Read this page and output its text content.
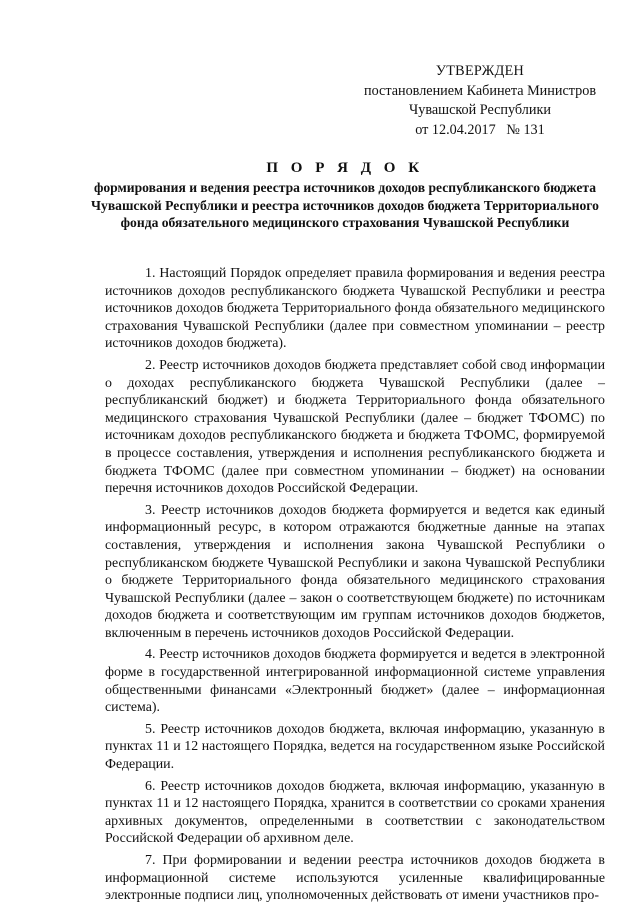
УТВЕРЖДЕН
постановлением Кабинета Министров
Чувашской Республики
от 12.04.2017   № 131
П О Р Я Д О К
формирования и ведения реестра источников доходов республиканского бюджета Чувашской Республики и реестра источников доходов бюджета Территориального фонда обязательного медицинского страхования Чувашской Республики

1. Настоящий Порядок определяет правила формирования и ведения реестра источников доходов республиканского бюджета Чувашской Республики и реестра источников доходов бюджета Территориального фонда обязательного медицинского страхования Чувашской Республики (далее при совместном упоминании – реестр источников доходов бюджета).

2. Реестр источников доходов бюджета представляет собой свод информации о доходах республиканского бюджета Чувашской Республики (далее – республиканский бюджет) и бюджета Территориального фонда обязательного медицинского страхования Чувашской Республики (далее – бюджет ТФОМС) по источникам доходов республиканского бюджета и бюджета ТФОМС, формируемой в процессе составления, утверждения и исполнения республиканского бюджета и бюджета ТФОМС (далее при совместном упоминании – бюджет) на основании перечня источников доходов Российской Федерации.

3. Реестр источников доходов бюджета формируется и ведется как единый информационный ресурс, в котором отражаются бюджетные данные на этапах составления, утверждения и исполнения закона Чувашской Республики о республиканском бюджете Чувашской Республики и закона Чувашской Республики о бюджете Территориального фонда обязательного медицинского страхования Чувашской Республики (далее – закон о соответствующем бюджете) по источникам доходов бюджета и соответствующим им группам источников доходов бюджетов, включенным в перечень источников доходов Российской Федерации.

4. Реестр источников доходов бюджета формируется и ведется в электронной форме в государственной интегрированной информационной системе управления общественными финансами «Электронный бюджет» (далее – информационная система).

5. Реестр источников доходов бюджета, включая информацию, указанную в пунктах 11 и 12 настоящего Порядка, ведется на государственном языке Российской Федерации.

6. Реестр источников доходов бюджета, включая информацию, указанную в пунктах 11 и 12 настоящего Порядка, хранится в соответствии со сроками хранения архивных документов, определенными в соответствии с законодательством Российской Федерации об архивном деле.

7. При формировании и ведении реестра источников доходов бюджета в информационной системе используются усиленные квалифицированные электронные подписи лиц, уполномоченных действовать от имени участников про-
